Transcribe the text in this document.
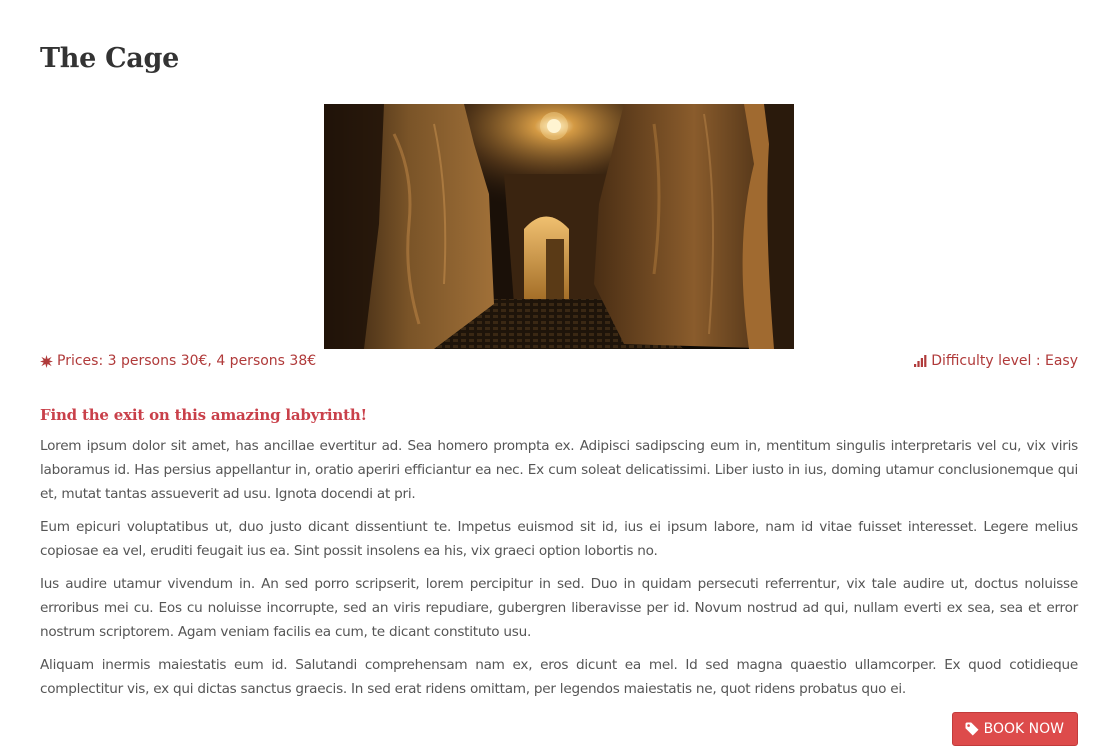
The Cage
Prices: 3 persons 30€, 4 persons 38€	Difficulty level : Easy
Find the exit on this amazing labyrinth!

Lorem ipsum dolor sit amet, has ancillae evertitur ad. Sea homero prompta ex. Adipisci sadipscing eum in, mentitum singulis interpretaris vel cu, vix viris laboramus id. Has persius appellantur in, oratio aperiri efficiantur ea nec. Ex cum soleat delicatissimi. Liber iusto in ius, doming utamur conclusionemque qui et, mutat tantas assueverit ad usu. Ignota docendi at pri.

Eum epicuri voluptatibus ut, duo justo dicant dissentiunt te. Impetus euismod sit id, ius ei ipsum labore, nam id vitae fuisset interesset. Legere melius copiosae ea vel, eruditi feugait ius ea. Sint possit insolens ea his, vix graeci option lobortis no.

Ius audire utamur vivendum in. An sed porro scripserit, lorem percipitur in sed. Duo in quidam persecuti referrentur, vix tale audire ut, doctus noluisse erroribus mei cu. Eos cu noluisse incorrupte, sed an viris repudiare, gubergren liberavisse per id. Novum nostrud ad qui, nullam everti ex sea, sea et error nostrum scriptorem. Agam veniam facilis ea cum, te dicant constituto usu.

Aliquam inermis maiestatis eum id. Salutandi comprehensam nam ex, eros dicunt ea mel. Id sed magna quaestio ullamcorper. Ex quod cotidieque complectitur vis, ex qui dictas sanctus graecis. In sed erat ridens omittam, per legendos maiestatis ne, quot ridens probatus quo ei.

BOOK NOW
